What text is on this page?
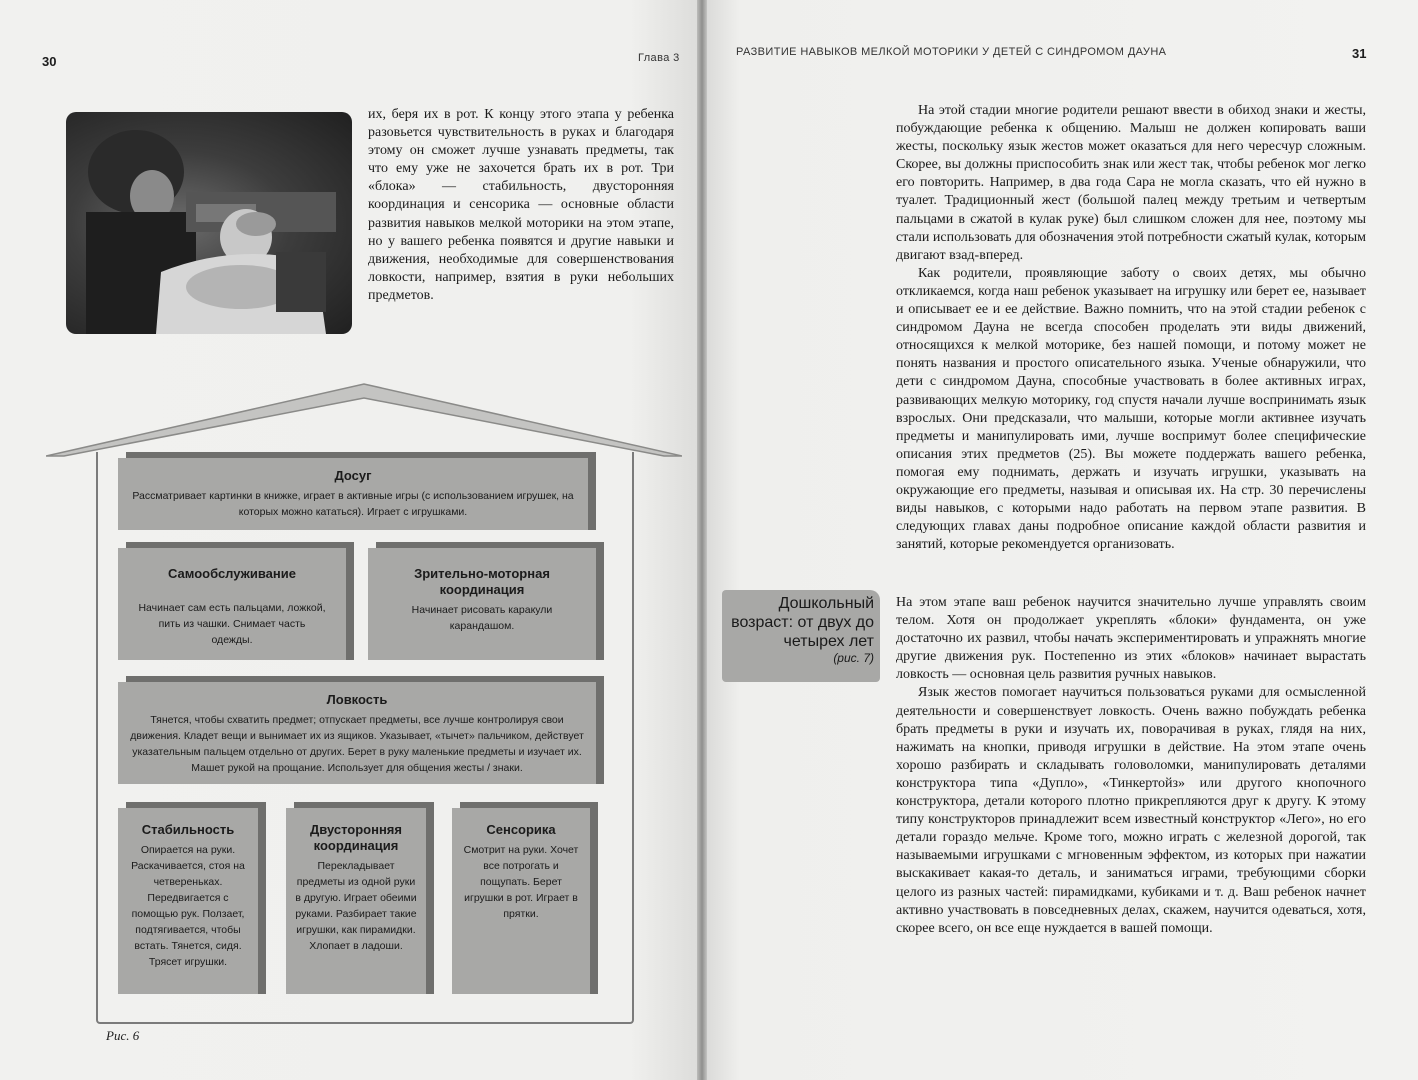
30	Глава 3

их, беря их в рот. К концу этого этапа у ребенка разовьется чувствительность в руках и благодаря этому он сможет лучше узнавать предметы, так что ему уже не захочется брать их в рот. Три «блока» — стабильность, двусторонняя координация и сенсорика — основные области развития навыков мелкой моторики на этом этапе, но у вашего ребенка появятся и другие навыки и движения, необходимые для совершенствования ловкости, например, взятия в руки небольших предметов.

Досуг
Рассматривает картинки в книжке, играет в активные игры (с использованием игрушек, на которых можно кататься). Играет с игрушками.
Самообслуживание
Начинает сам есть пальцами, ложкой, пить из чашки. Снимает часть одежды.
Зрительно-моторная координация
Начинает рисовать каракули карандашом.
Ловкость
Тянется, чтобы схватить предмет; отпускает предметы, все лучше контролируя свои движения. Кладет вещи и вынимает их из ящиков. Указывает, «тычет» пальчиком, действует указательным пальцем отдельно от других. Берет в руку маленькие предметы и изучает их. Машет рукой на прощание. Использует для общения жесты / знаки.
Стабильность
Опирается на руки. Раскачивается, стоя на четвереньках. Передвигается с помощью рук. Ползает, подтягивается, чтобы встать. Тянется, сидя. Трясет игрушки.
Двусторонняя координация
Перекладывает предметы из одной руки в другую. Играет обеими руками. Разбирает такие игрушки, как пирамидки. Хлопает в ладоши.
Сенсорика
Смотрит на руки. Хочет все потрогать и пощупать. Берет игрушки в рот. Играет в прятки.
Рис. 6
РАЗВИТИЕ НАВЫКОВ МЕЛКОЙ МОТОРИКИ У ДЕТЕЙ С СИНДРОМОМ ДАУНА	31

На этой стадии многие родители решают ввести в обиход знаки и жесты, побуждающие ребенка к общению. Малыш не должен копировать ваши жесты, поскольку язык жестов может оказаться для него чересчур сложным. Скорее, вы должны приспособить знак или жест так, чтобы ребенок мог легко его повторить. Например, в два года Сара не могла сказать, что ей нужно в туалет. Традиционный жест (большой палец между третьим и четвертым пальцами в сжатой в кулак руке) был слишком сложен для нее, поэтому мы стали использовать для обозначения этой потребности сжатый кулак, которым двигают взад-вперед.

Как родители, проявляющие заботу о своих детях, мы обычно откликаемся, когда наш ребенок указывает на игрушку или берет ее, называет и описывает ее и ее действие. Важно помнить, что на этой стадии ребенок с синдромом Дауна не всегда способен проделать эти виды движений, относящихся к мелкой моторике, без нашей помощи, и потому может не понять названия и простого описательного языка. Ученые обнаружили, что дети с синдромом Дауна, способные участвовать в более активных играх, развивающих мелкую моторику, год спустя начали лучше воспринимать язык взрослых. Они предсказали, что малыши, которые могли активнее изучать предметы и манипулировать ими, лучше воспримут более специфические описания этих предметов (25). Вы можете поддержать вашего ребенка, помогая ему поднимать, держать и изучать игрушки, указывать на окружающие его предметы, называя и описывая их. На стр. 30 перечислены виды навыков, с которыми надо работать на первом этапе развития. В следующих главах даны подробное описание каждой области развития и занятий, которые рекомендуется организовать.

Дошкольный возраст: от двух до четырех лет
(рис. 7)

На этом этапе ваш ребенок научится значительно лучше управлять своим телом. Хотя он продолжает укреплять «блоки» фундамента, он уже достаточно их развил, чтобы начать экспериментировать и упражнять многие другие движения рук. Постепенно из этих «блоков» начинает вырастать ловкость — основная цель развития ручных навыков.

Язык жестов помогает научиться пользоваться руками для осмысленной деятельности и совершенствует ловкость. Очень важно побуждать ребенка брать предметы в руки и изучать их, поворачивая в руках, глядя на них, нажимать на кнопки, приводя игрушки в действие. На этом этапе очень хорошо разбирать и складывать головоломки, манипулировать деталями конструктора типа «Дупло», «Тинкертойз» или другого кнопочного конструктора, детали которого плотно прикрепляются друг к другу. К этому типу конструкторов принадлежит всем известный конструктор «Лего», но его детали гораздо мельче. Кроме того, можно играть с железной дорогой, так называемыми игрушками с мгновенным эффектом, из которых при нажатии выскакивает какая-то деталь, и заниматься играми, требующими сборки целого из разных частей: пирамидками, кубиками и т. д. Ваш ребенок начнет активно участвовать в повседневных делах, скажем, научится одеваться, хотя, скорее всего, он все еще нуждается в вашей помощи.
